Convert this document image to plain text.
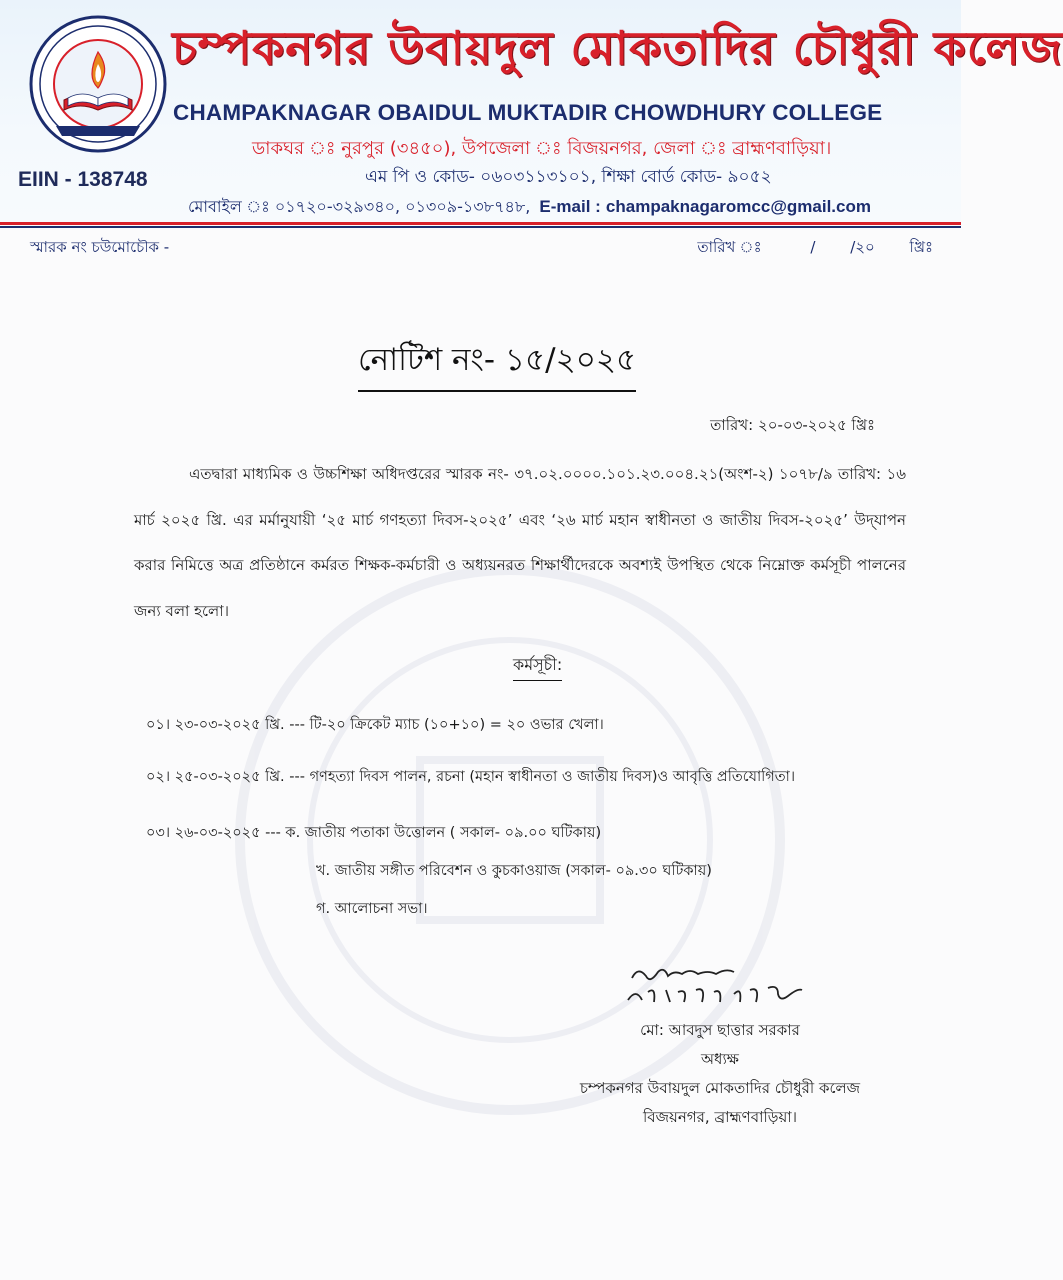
চম্পকনগর উবায়দুল মোকতাদির চৌধুরী কলেজ
CHAMPAKNAGAR OBAIDUL MUKTADIR CHOWDHURY COLLEGE
ডাকঘর ঃ নুরপুর (৩৪৫০), উপজেলা ঃ বিজয়নগর, জেলা ঃ ব্রাহ্মণবাড়িয়া।
এম পি ও কোড- ০৬০৩১১৩১০১, শিক্ষা বোর্ড কোড- ৯০৫২
মোবাইল ঃ ০১৭২০-৩২৯৩৪০, ০১৩০৯-১৩৮৭৪৮, E-mail : champaknagaromcc@gmail.com
EIIN - 138748
স্মারক নং চউমোচৌক -	তারিখ ঃ	/ /২০ খ্রিঃ
নোটিশ নং- ১৫/২০২৫
তারিখ: ২০-০৩-২০২৫ খ্রিঃ
এতদ্বারা মাধ্যমিক ও উচ্চশিক্ষা অধিদপ্তরের স্মারক নং- ৩৭.০২.০০০০.১০১.২৩.০০৪.২১(অংশ-২) ১০৭৮/৯ তারিখ: ১৬ মার্চ ২০২৫ খ্রি. এর মর্মানুযায়ী ‘২৫ মার্চ গণহত্যা দিবস-২০২৫’ এবং ‘২৬ মার্চ মহান স্বাধীনতা ও জাতীয় দিবস-২০২৫’ উদ্‌যাপন করার নিমিত্তে অত্র প্রতিষ্ঠানে কর্মরত শিক্ষক-কর্মচারী ও অধ্যয়নরত শিক্ষার্থীদেরকে অবশ্যই উপস্থিত থেকে নিম্নোক্ত কর্মসূচী পালনের জন্য বলা হলো।
কর্মসূচী:
০১। ২৩-০৩-২০২৫ খ্রি. --- টি-২০ ক্রিকেট ম্যাচ (১০+১০) = ২০ ওভার খেলা।
০২। ২৫-০৩-২০২৫ খ্রি. --- গণহত্যা দিবস পালন, রচনা (মহান স্বাধীনতা ও জাতীয় দিবস)ও আবৃত্তি প্রতিযোগিতা।
০৩। ২৬-০৩-২০২৫ --- ক. জাতীয় পতাকা উত্তোলন ( সকাল- ০৯.০০ ঘটিকায়)
খ. জাতীয় সঙ্গীত পরিবেশন ও কুচকাওয়াজ (সকাল- ০৯.৩০ ঘটিকায়)
গ. আলোচনা সভা।
মো: আবদুস ছাত্তার সরকার
অধ্যক্ষ
চম্পকনগর উবায়দুল মোকতাদির চৌধুরী কলেজ
বিজয়নগর, ব্রাহ্মণবাড়িয়া।
